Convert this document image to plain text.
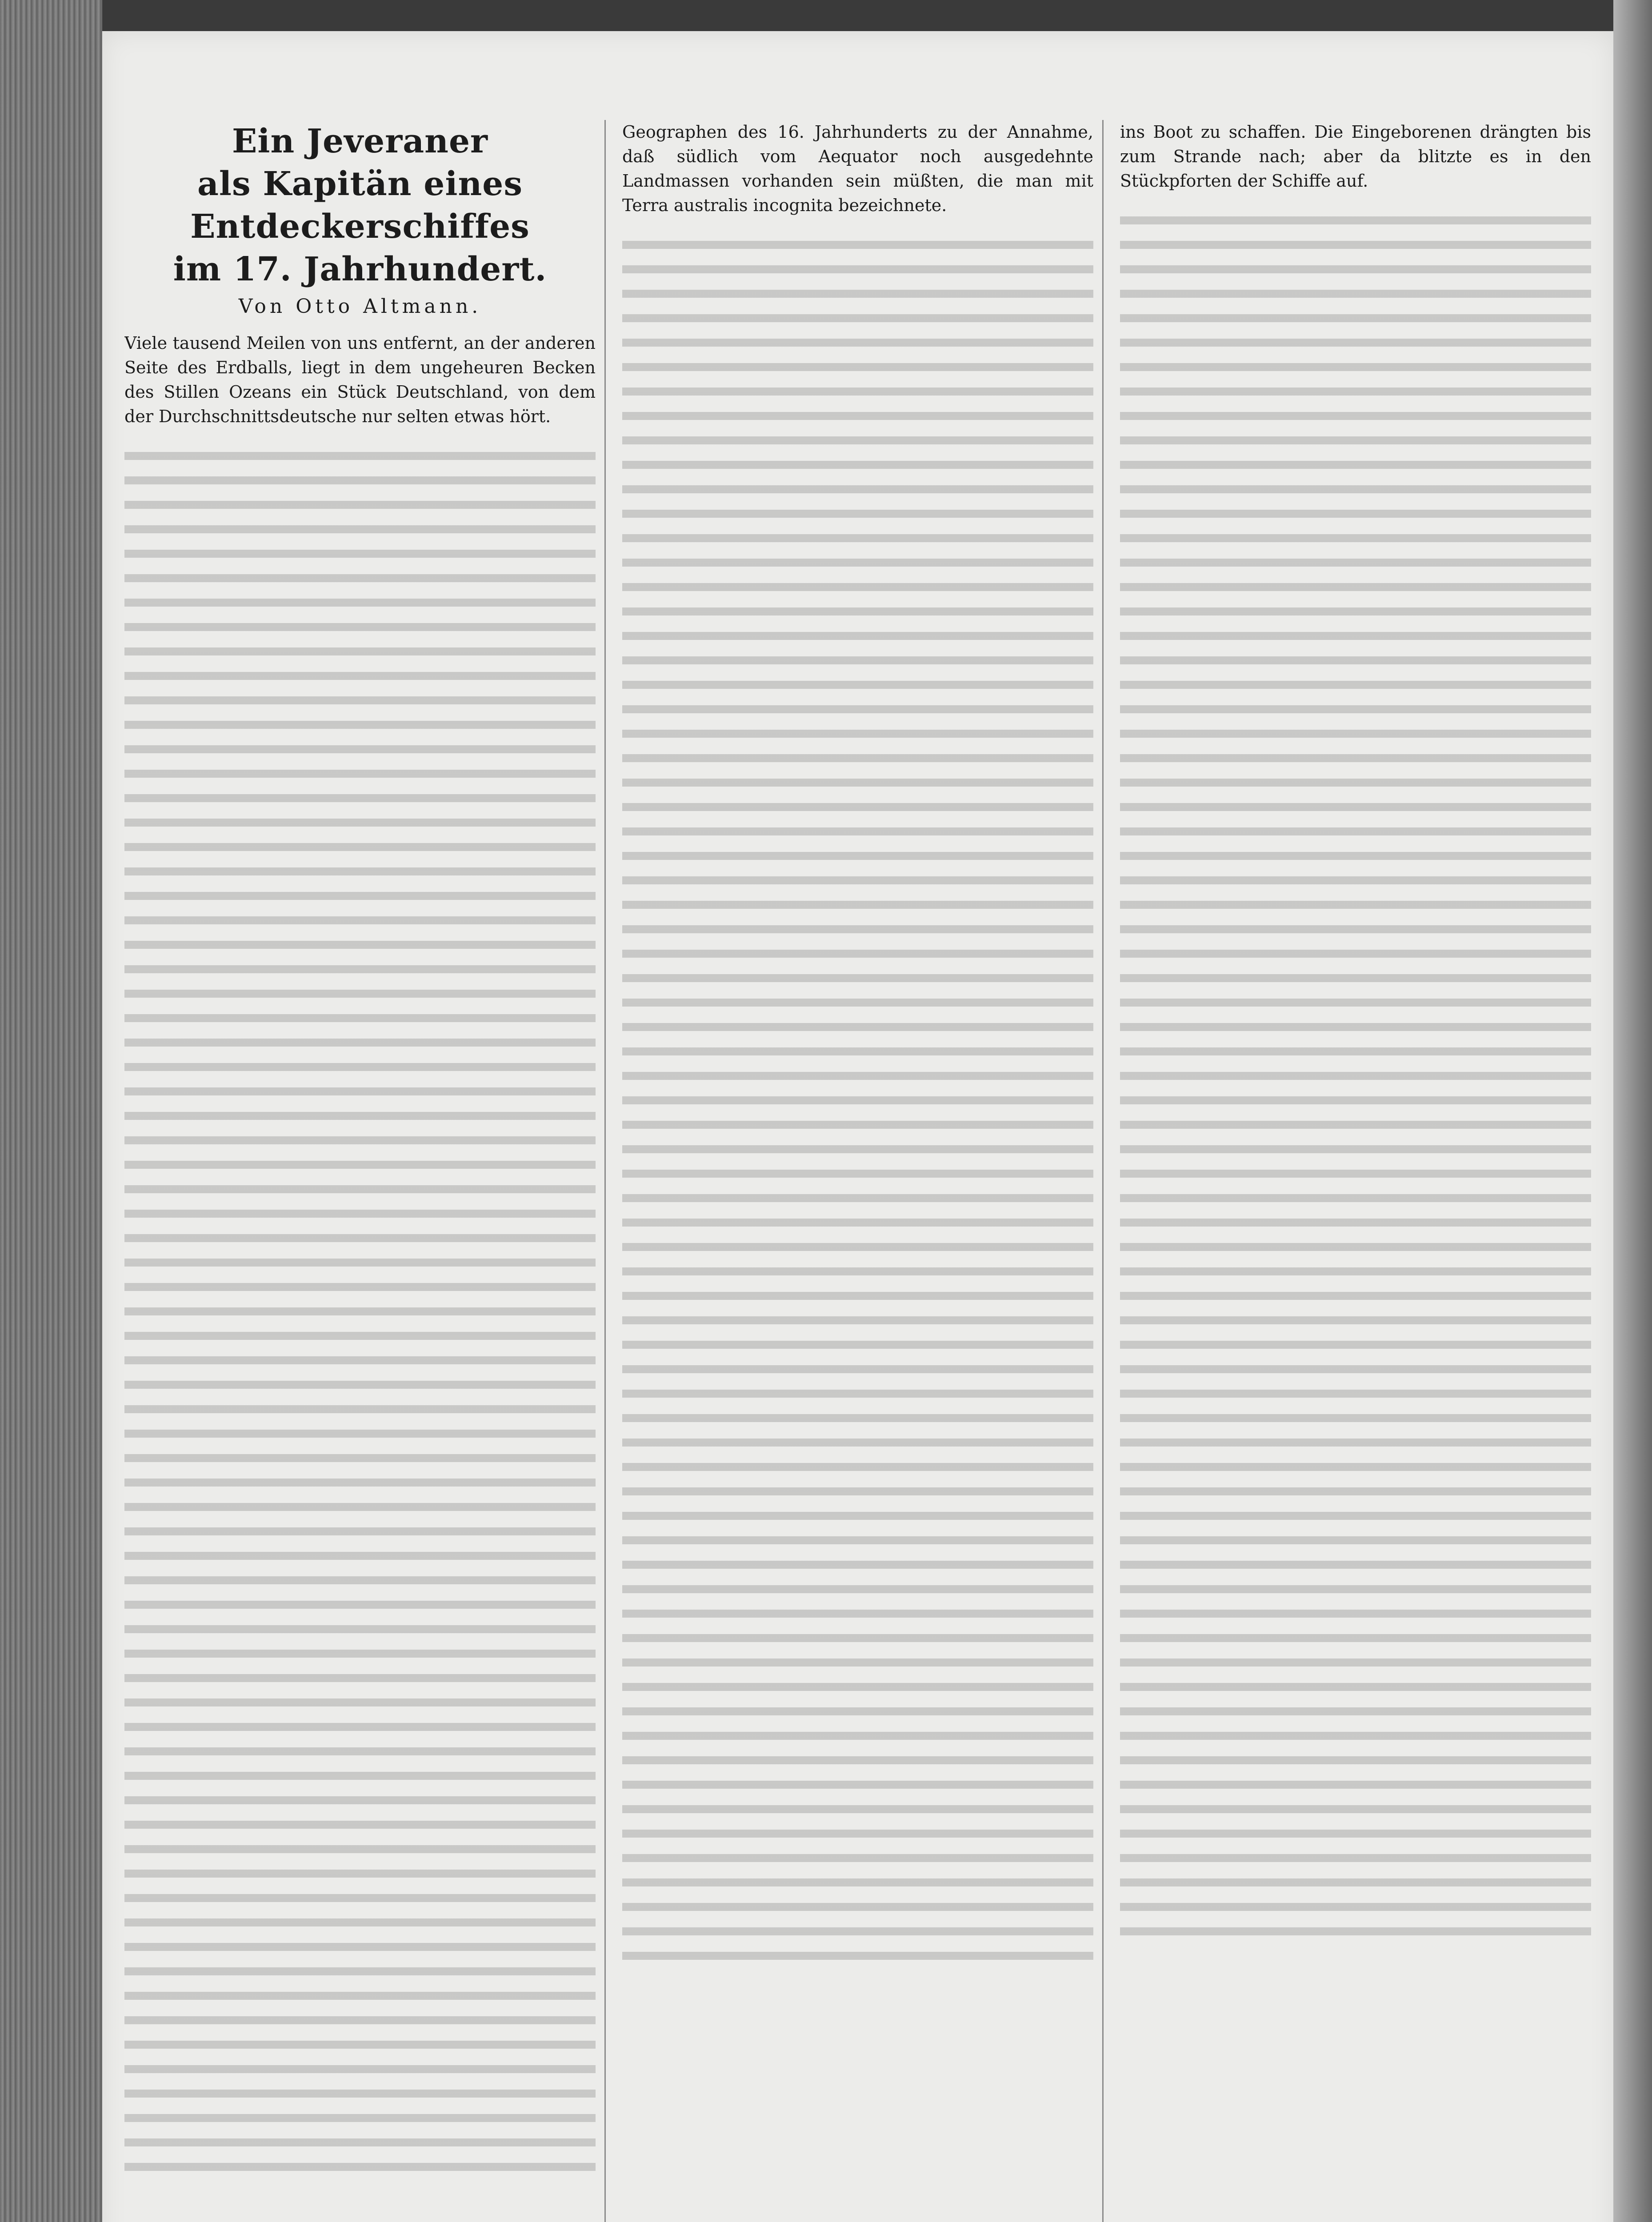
Ein Jeveraner
als Kapitän eines Entdeckerschiffes
im 17. Jahrhundert.

Von Otto Altmann.

Viele tausend Meilen von uns entfernt, an der anderen Seite des Erdballs, liegt in dem ungeheuren Becken des Stillen Ozeans ein Stück Deutschland, von dem der Durchschnittsdeutsche nur selten etwas hört.

Geographen des 16. Jahrhunderts zu der Annahme, daß südlich vom Aequator noch ausgedehnte Landmassen vorhanden sein müßten, die man mit Terra australis incognita bezeichnete.

ins Boot zu schaffen. Die Eingeborenen drängten bis zum Strande nach; aber da blitzte es in den Stückpforten der Schiffe auf.
